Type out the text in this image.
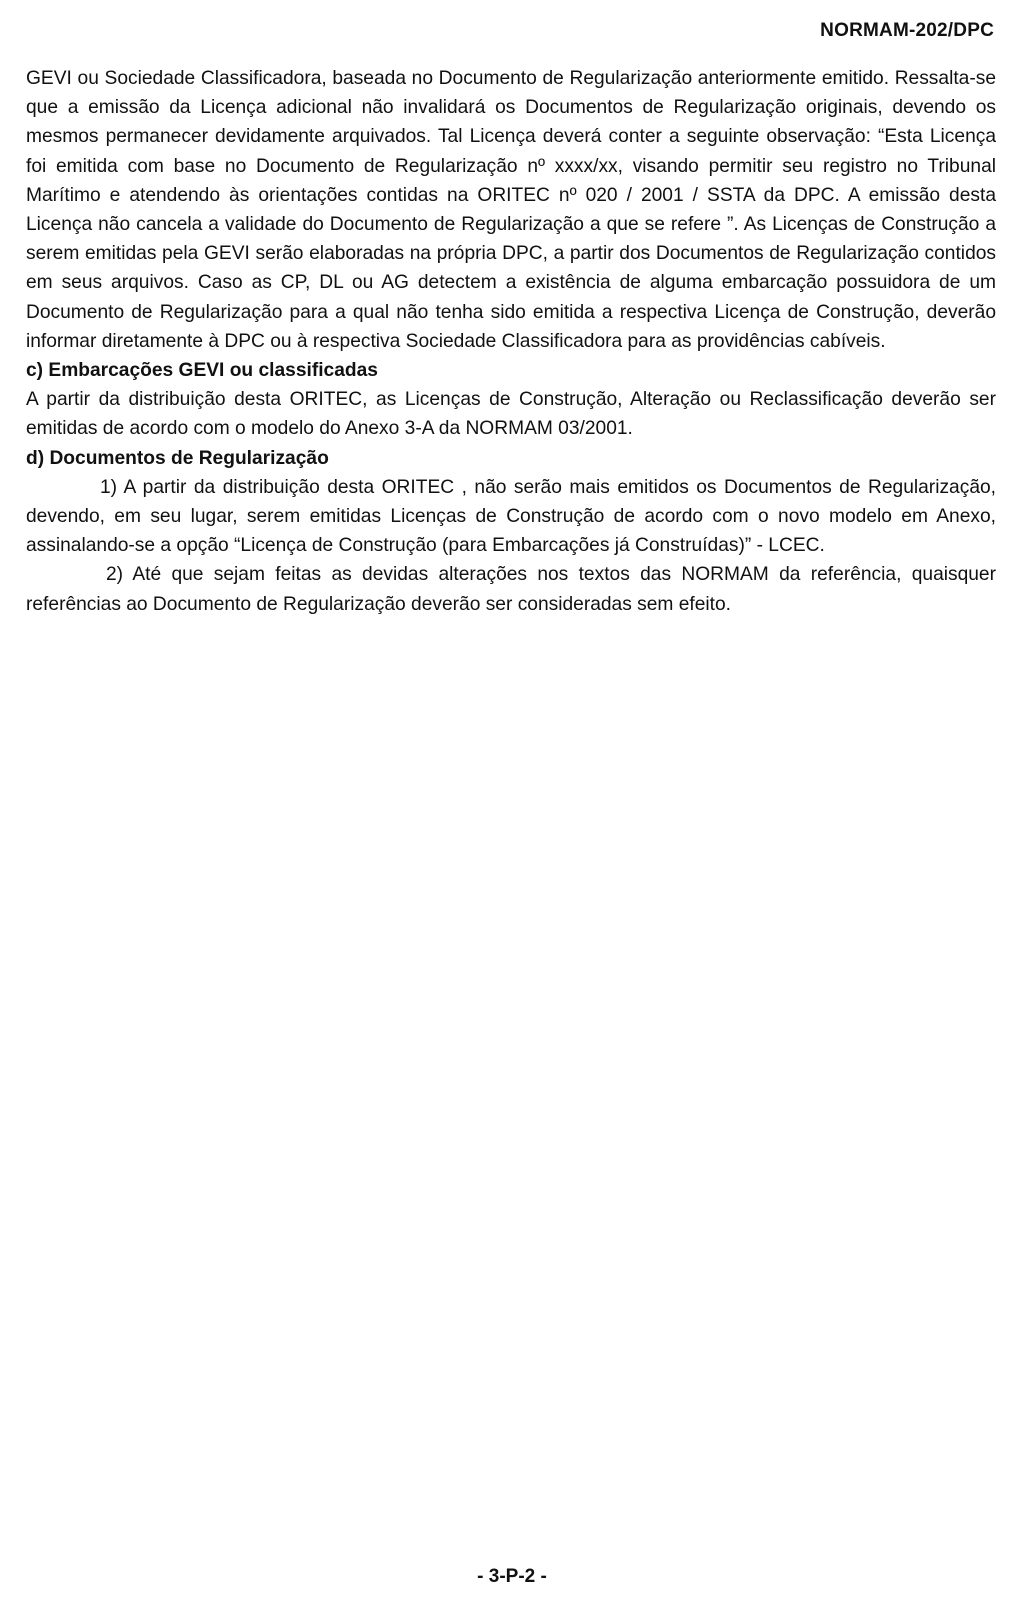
NORMAM-202/DPC

GEVI ou Sociedade Classificadora, baseada no Documento de Regularização anteriormente emitido. Ressalta-se que a emissão da Licença adicional não invalidará os Documentos de Regularização originais, devendo os mesmos permanecer devidamente arquivados. Tal Licença deverá conter a seguinte observação: “Esta Licença foi emitida com base no Documento de Regularização nº xxxx/xx, visando permitir seu registro no Tribunal Marítimo e atendendo às orientações contidas na ORITEC nº 020 / 2001 / SSTA da DPC. A emissão desta Licença não cancela a validade do Documento de Regularização a que se refere ”. As Licenças de Construção a serem emitidas pela GEVI serão elaboradas na própria DPC, a partir dos Documentos de Regularização contidos em seus arquivos. Caso as CP, DL ou AG detectem a existência de alguma embarcação possuidora de um Documento de Regularização para a qual não tenha sido emitida a respectiva Licença de Construção, deverão informar diretamente à DPC ou à respectiva Sociedade Classificadora para as providências cabíveis.

c) Embarcações GEVI ou classificadas

A partir da distribuição desta ORITEC, as Licenças de Construção, Alteração ou Reclassificação deverão ser emitidas de acordo com o modelo do Anexo 3-A da NORMAM 03/2001.

d) Documentos de Regularização

1) A partir da distribuição desta ORITEC , não serão mais emitidos os Documentos de Regularização, devendo, em seu lugar, serem emitidas Licenças de Construção de acordo com o novo modelo em Anexo, assinalando-se a opção “Licença de Construção (para Embarcações já Construídas)” - LCEC.

2) Até que sejam feitas as devidas alterações nos textos das NORMAM da referência, quaisquer referências ao Documento de Regularização deverão ser consideradas sem efeito.

- 3-P-2 -
